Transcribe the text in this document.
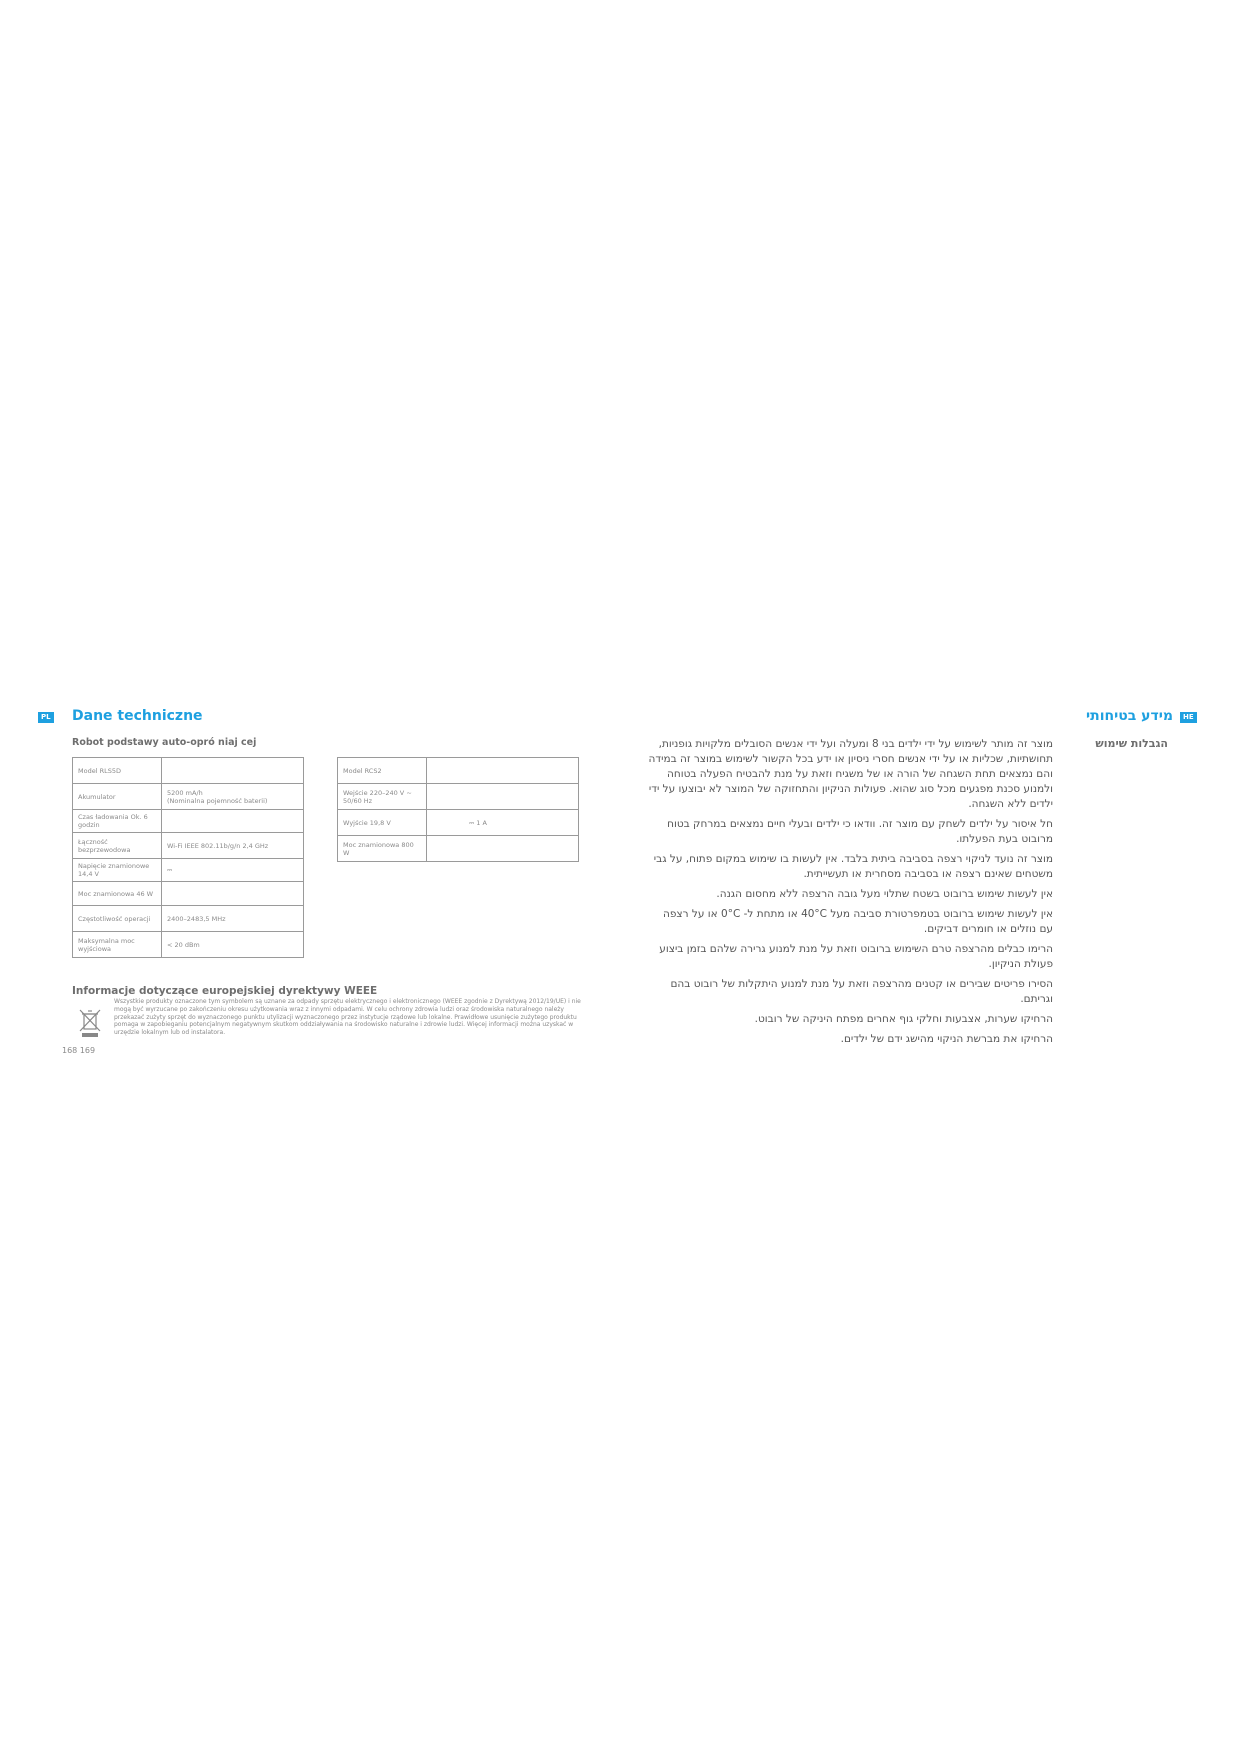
PL Dane techniczne
Robot podstawy auto-opró niaj cej
Model RLS5D	
Akumulator	5200 mA/h
(Nominalna pojemność baterii)

Czas ładowania Ok. 6 godzin	
Łączność bezprzewodowa	Wi-Fi IEEE 802.11b/g/n 2,4 GHz
Napięcie znamionowe 14,4 V	⎓
Moc znamionowa 46 W	
Częstotliwość operacji	2400–2483,5 MHz
Maksymalna moc wyjściowa	< 20 dBm
Model RCS2	
Wejście 220–240 V ~ 50/60 Hz	
Wyjście 19,8 V	⎓ 1 A
Moc znamionowa 800 W	
Informacje dotyczące europejskiej dyrektywy WEEE
Wszystkie produkty oznaczone tym symbolem są uznane za odpady sprzętu elektrycznego i elektronicznego (WEEE zgodnie z Dyrektywą 2012/19/UE) i nie mogą być wyrzucane po zakończeniu okresu użytkowania wraz z innymi odpadami. W celu ochrony zdrowia ludzi oraz środowiska naturalnego należy przekazać zużyty sprzęt do wyznaczonego punktu utylizacji wyznaczonego przez instytucje rządowe lub lokalne. Prawidłowe usunięcie zużytego produktu pomaga w zapobieganiu potencjalnym negatywnym skutkom oddziaływania na środowisko naturalne i zdrowie ludzi. Więcej informacji można uzyskać w urzędzie lokalnym lub od instalatora.
168 169
HE
מידע בטיחותי
הגבלות שימוש

מוצר זה מותר לשימוש על ידי ילדים בני 8 ומעלה ועל ידי אנשים הסובלים מלקויות גופניות, תחושתיות, שכליות או על ידי אנשים חסרי ניסיון או ידע בכל הקשור לשימוש במוצר זה במידה והם נמצאים תחת השגחה של הורה או של משגיח וזאת על מנת להבטיח הפעלה בטוחה ולמנוע סכנת מפגעים מכל סוג שהוא. פעולות הניקיון והתחזוקה של המוצר לא יבוצעו על ידי ילדים ללא השגחה.

חל איסור על ילדים לשחק עם מוצר זה. וודאו כי ילדים ובעלי חיים נמצאים במרחק בטוח מרובוט בעת הפעלתו.

מוצר זה נועד לניקוי רצפה בסביבה ביתית בלבד. אין לעשות בו שימוש במקום פתוח, על גבי משטחים שאינם רצפה או בסביבה מסחרית או תעשייתית.

אין לעשות שימוש ברובוט בשטח שתלוי מעל גובה הרצפה ללא מחסום הגנה.

אין לעשות שימוש ברובוט בטמפרטורת סביבה מעל 40°C או מתחת ל- 0°C או על רצפה עם נוזלים או חומרים דביקים.

הרימו כבלים מהרצפה טרם השימוש ברובוט וזאת על מנת למנוע גרירה שלהם בזמן ביצוע פעולת הניקיון.

הסירו פריטים שבירים או קטנים מהרצפה וזאת על מנת למנוע היתקלות של רובוט בהם וגריתם.

הרחיקו שערות, אצבעות וחלקי גוף אחרים מפתח היניקה של רובוט.

הרחיקו את מברשת הניקוי מהישג ידם של ילדים.
